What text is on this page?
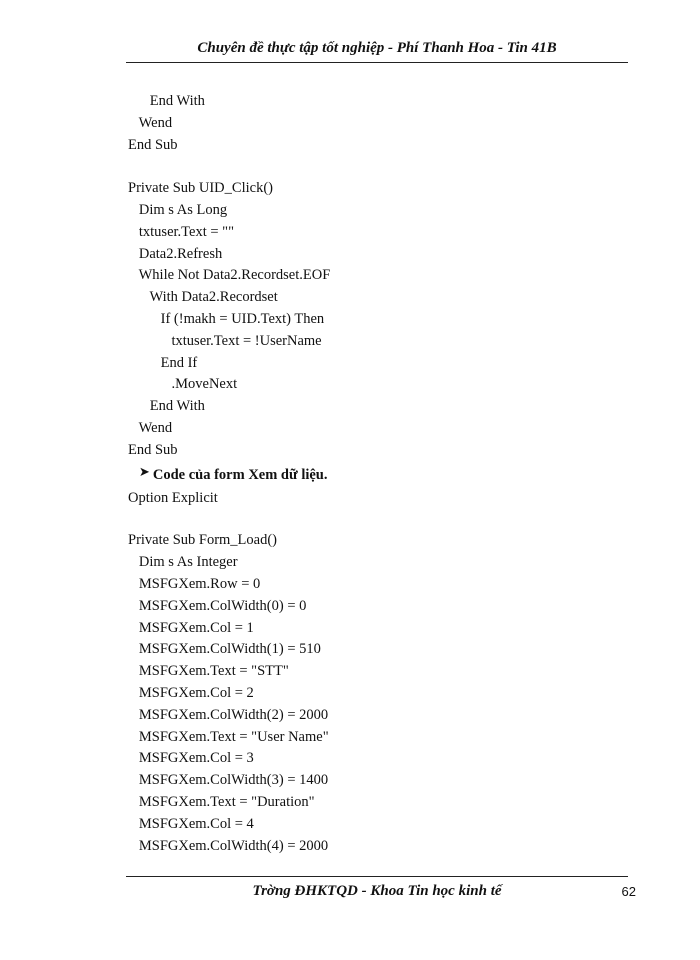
Chuyên đề thực tập tốt nghiệp - Phí Thanh Hoa - Tin 41B
End With
Wend
End Sub
Private Sub UID_Click()
Dim s As Long
txtuser.Text = ""
Data2.Refresh
While Not Data2.Recordset.EOF
With Data2.Recordset
If (!makh = UID.Text) Then
txtuser.Text = !UserName
End If
.MoveNext
End With
Wend
End Sub
➤ Code của form Xem dữ liệu.
Option Explicit
Private Sub Form_Load()
Dim s As Integer
MSFGXem.Row = 0
MSFGXem.ColWidth(0) = 0
MSFGXem.Col = 1
MSFGXem.ColWidth(1) = 510
MSFGXem.Text = "STT"
MSFGXem.Col = 2
MSFGXem.ColWidth(2) = 2000
MSFGXem.Text = "User Name"
MSFGXem.Col = 3
MSFGXem.ColWidth(3) = 1400
MSFGXem.Text = "Duration"
MSFGXem.Col = 4
MSFGXem.ColWidth(4) = 2000
Trờng ĐHKTQD - Khoa Tin học kinh tế	62
